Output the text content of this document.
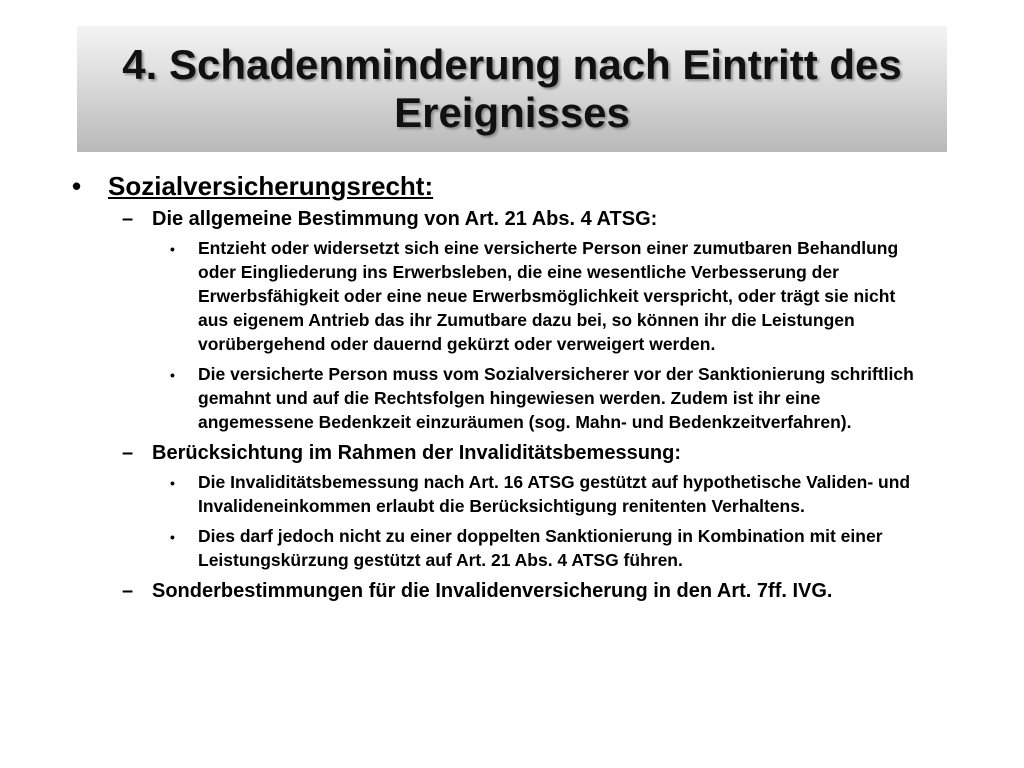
4. Schadenminderung nach Eintritt des Ereignisses
•	Sozialversicherungsrecht:
– Die allgemeine Bestimmung von Art. 21 Abs. 4 ATSG:
•	Entzieht oder widersetzt sich eine versicherte Person einer zumutbaren Behandlung oder Eingliederung ins Erwerbsleben, die eine wesentliche Verbesserung der Erwerbsfähigkeit oder eine neue Erwerbsmöglichkeit verspricht, oder trägt sie nicht aus eigenem Antrieb das ihr Zumutbare dazu bei, so können ihr die Leistungen vorübergehend oder dauernd gekürzt oder verweigert werden.
•	Die versicherte Person muss vom Sozialversicherer vor der Sanktionierung schriftlich gemahnt und auf die Rechtsfolgen hingewiesen werden. Zudem ist ihr eine angemessene Bedenkzeit einzuräumen (sog. Mahn- und Bedenkzeitverfahren).
– Berücksichtung im Rahmen der Invaliditätsbemessung:
•	Die Invaliditätsbemessung nach Art. 16 ATSG gestützt auf hypothetische Validen- und Invalideneinkommen erlaubt die Berücksichtigung renitenten Verhaltens.
•	Dies darf jedoch nicht zu einer doppelten Sanktionierung in Kombination mit einer Leistungskürzung gestützt auf Art. 21 Abs. 4 ATSG führen.
– Sonderbestimmungen für die Invalidenversicherung in den Art. 7ff. IVG.
